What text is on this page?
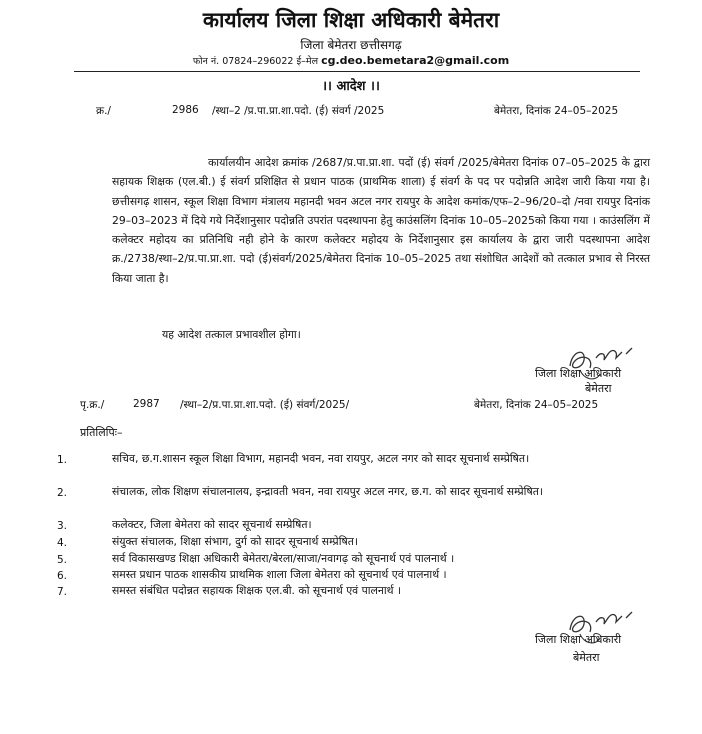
कार्यालय जिला शिक्षा अधिकारी बेमेतरा
जिला बेमेतरा छत्तीसगढ़
फोन नं. 07824–296022 ई–मेल cg.deo.bemetara2@gmail.com
।। आदेश ।।
क्र./	2986 /स्था–2 /प्र.पा.प्रा.शा.पदो. (ई) संवर्ग /2025	बेमेतरा, दिनांक 24–05–2025
कार्यालयीन आदेश क्रमांक /2687/प्र.पा.प्रा.शा. पदों (ई) संवर्ग /2025/बेमेतरा दिनांक 07–05–2025 के द्वारा सहायक शिक्षक (एल.बी.) ई संवर्ग प्रशिक्षित से प्रधान पाठक (प्राथमिक शाला) ई संवर्ग के पद पर पदोन्नति आदेश जारी किया गया है। छत्तीसगढ़ शासन, स्कूल शिक्षा विभाग मंत्रालय महानदी भवन अटल नगर रायपुर के आदेश कमांक/एफ–2–96/20–दो /नवा रायपुर दिनांक 29–03–2023 में दिये गये निर्देशानुसार पदोन्नति उपरांत पदस्थापना हेतु काउंसलिंग दिनांक 10–05–2025को किया गया । काउंसलिंग में कलेक्टर महोदय का प्रतिनिधि नही होने के कारण कलेक्टर महोदय के निर्देशानुसार इस कार्यालय के द्वारा जारी पदस्थापना आदेश क्र./2738/स्था–2/प्र.पा.प्रा.शा. पदो (ई)संवर्ग/2025/बेमेतरा दिनांक 10–05–2025 तथा संशोधित आदेशों को तत्काल प्रभाव से निरस्त किया जाता है।
यह आदेश तत्काल प्रभावशील होगा।
जिला शिक्षा अधिकारी
बेमेतरा
पृ.क्र./	2987 /स्था–2/प्र.पा.प्रा.शा.पदो. (ई) संवर्ग/2025/	बेमेतरा, दिनांक 24–05–2025
प्रतिलिपिः–
1.	सचिव, छ.ग.शासन स्कूल शिक्षा विभाग, महानदी भवन, नवा रायपुर, अटल नगर को सादर सूचनार्थ सम्प्रेषित।
2.	संचालक, लोक शिक्षण संचालनालय, इन्द्रावती भवन, नवा रायपुर अटल नगर, छ.ग. को सादर सूचनार्थ सम्प्रेषित।
3.	कलेक्टर, जिला बेमेतरा को सादर सूचनार्थ सम्प्रेषित।
4.	संयुक्त संचालक, शिक्षा संभाग, दुर्ग को सादर सूचनार्थ सम्प्रेषित।
5.	सर्व विकासखण्ड शिक्षा अधिकारी बेमेतरा/बेरला/साजा/नवागढ़ को सूचनार्थ एवं पालनार्थ ।
6.	समस्त प्रधान पाठक शासकीय प्राथमिक शाला जिला बेमेतरा को सूचनार्थ एवं पालनार्थ ।
7.	समस्त संबंधित पदोन्नत सहायक शिक्षक एल.बी. को सूचनार्थ एवं पालनार्थ ।
जिला शिक्षा अधिकारी
बेमेतरा
